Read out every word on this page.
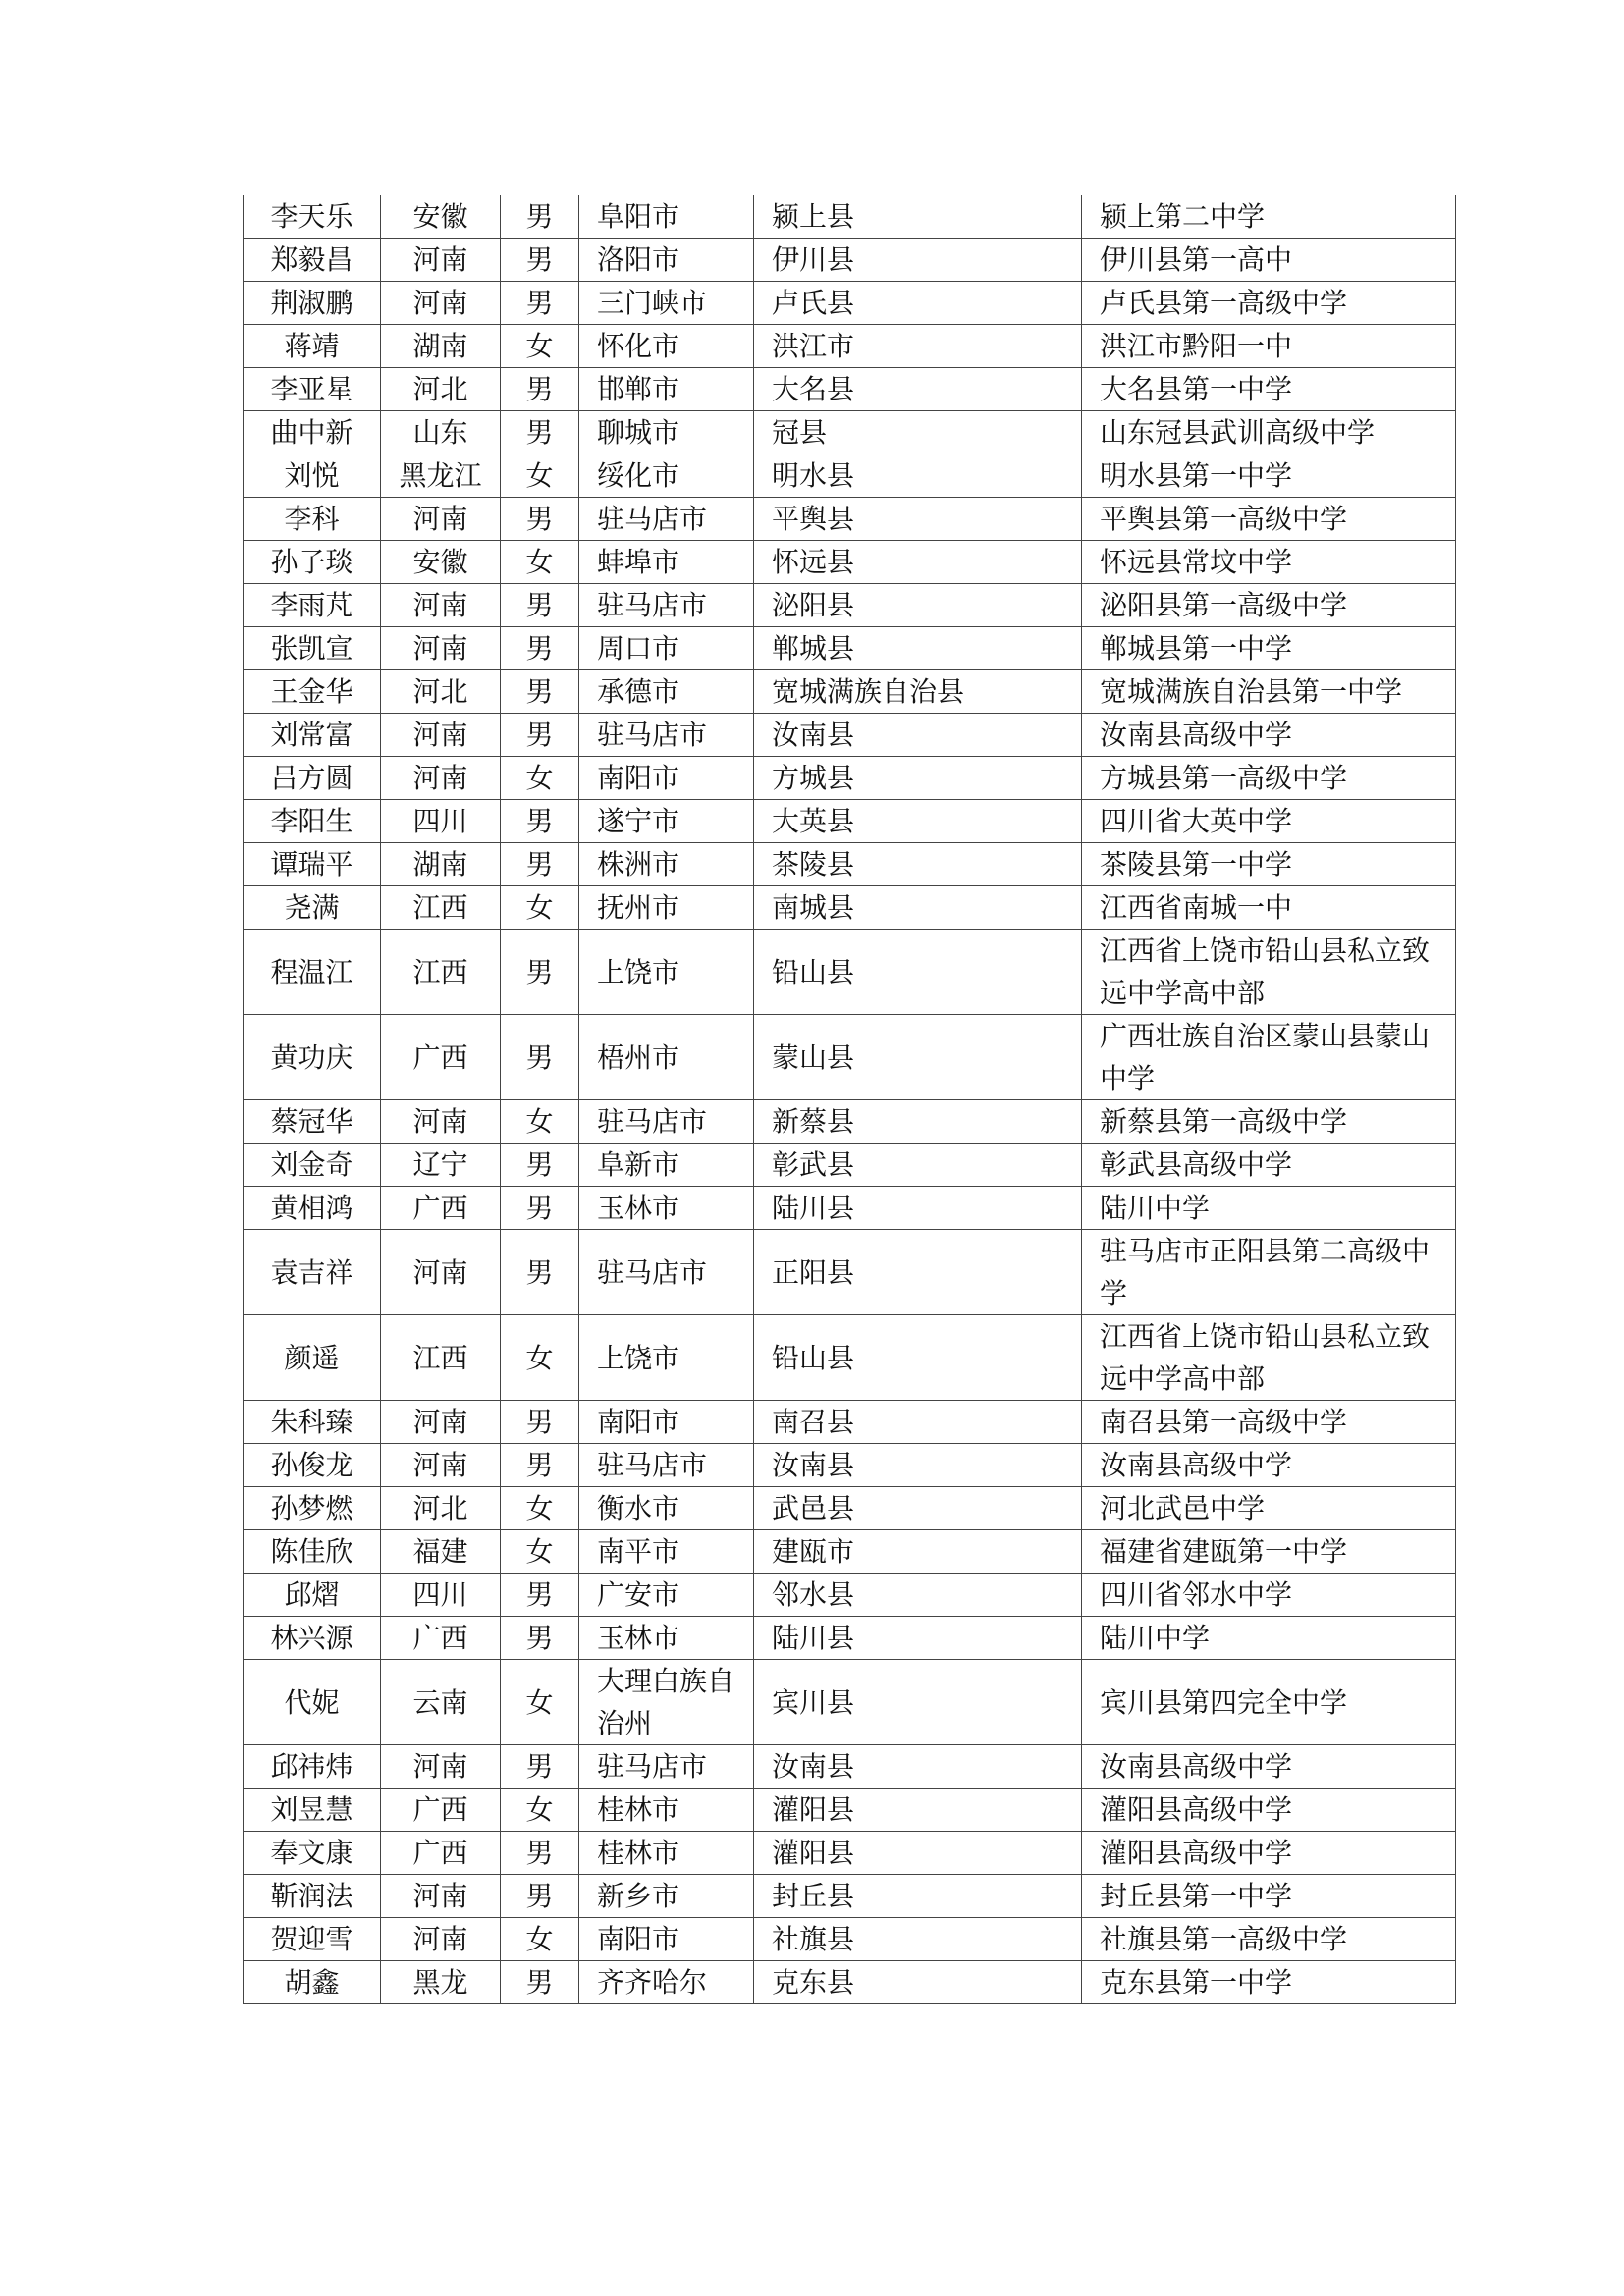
李天乐	安徽	男	阜阳市	颍上县	颍上第二中学
郑毅昌	河南	男	洛阳市	伊川县	伊川县第一高中
荆淑鹏	河南	男	三门峡市	卢氏县	卢氏县第一高级中学
蒋靖	湖南	女	怀化市	洪江市	洪江市黔阳一中
李亚星	河北	男	邯郸市	大名县	大名县第一中学
曲中新	山东	男	聊城市	冠县	山东冠县武训高级中学
刘悦	黑龙江	女	绥化市	明水县	明水县第一中学
李科	河南	男	驻马店市	平舆县	平舆县第一高级中学
孙子琰	安徽	女	蚌埠市	怀远县	怀远县常坟中学
李雨芃	河南	男	驻马店市	泌阳县	泌阳县第一高级中学
张凯宣	河南	男	周口市	郸城县	郸城县第一中学
王金华	河北	男	承德市	宽城满族自治县	宽城满族自治县第一中学
刘常富	河南	男	驻马店市	汝南县	汝南县高级中学
吕方圆	河南	女	南阳市	方城县	方城县第一高级中学
李阳生	四川	男	遂宁市	大英县	四川省大英中学
谭瑞平	湖南	男	株洲市	茶陵县	茶陵县第一中学
尧满	江西	女	抚州市	南城县	江西省南城一中
程温江	江西	男	上饶市	铅山县	江西省上饶市铅山县私立致远中学高中部
黄功庆	广西	男	梧州市	蒙山县	广西壮族自治区蒙山县蒙山中学
蔡冠华	河南	女	驻马店市	新蔡县	新蔡县第一高级中学
刘金奇	辽宁	男	阜新市	彰武县	彰武县高级中学
黄相鸿	广西	男	玉林市	陆川县	陆川中学
袁吉祥	河南	男	驻马店市	正阳县	驻马店市正阳县第二高级中学
颜遥	江西	女	上饶市	铅山县	江西省上饶市铅山县私立致远中学高中部
朱科臻	河南	男	南阳市	南召县	南召县第一高级中学
孙俊龙	河南	男	驻马店市	汝南县	汝南县高级中学
孙梦燃	河北	女	衡水市	武邑县	河北武邑中学
陈佳欣	福建	女	南平市	建瓯市	福建省建瓯第一中学
邱熠	四川	男	广安市	邻水县	四川省邻水中学
林兴源	广西	男	玉林市	陆川县	陆川中学
代妮	云南	女	大理白族自治州	宾川县	宾川县第四完全中学
邱祎炜	河南	男	驻马店市	汝南县	汝南县高级中学
刘昱慧	广西	女	桂林市	灌阳县	灌阳县高级中学
奉文康	广西	男	桂林市	灌阳县	灌阳县高级中学
靳润法	河南	男	新乡市	封丘县	封丘县第一中学
贺迎雪	河南	女	南阳市	社旗县	社旗县第一高级中学
胡鑫	黑龙	男	齐齐哈尔	克东县	克东县第一中学
